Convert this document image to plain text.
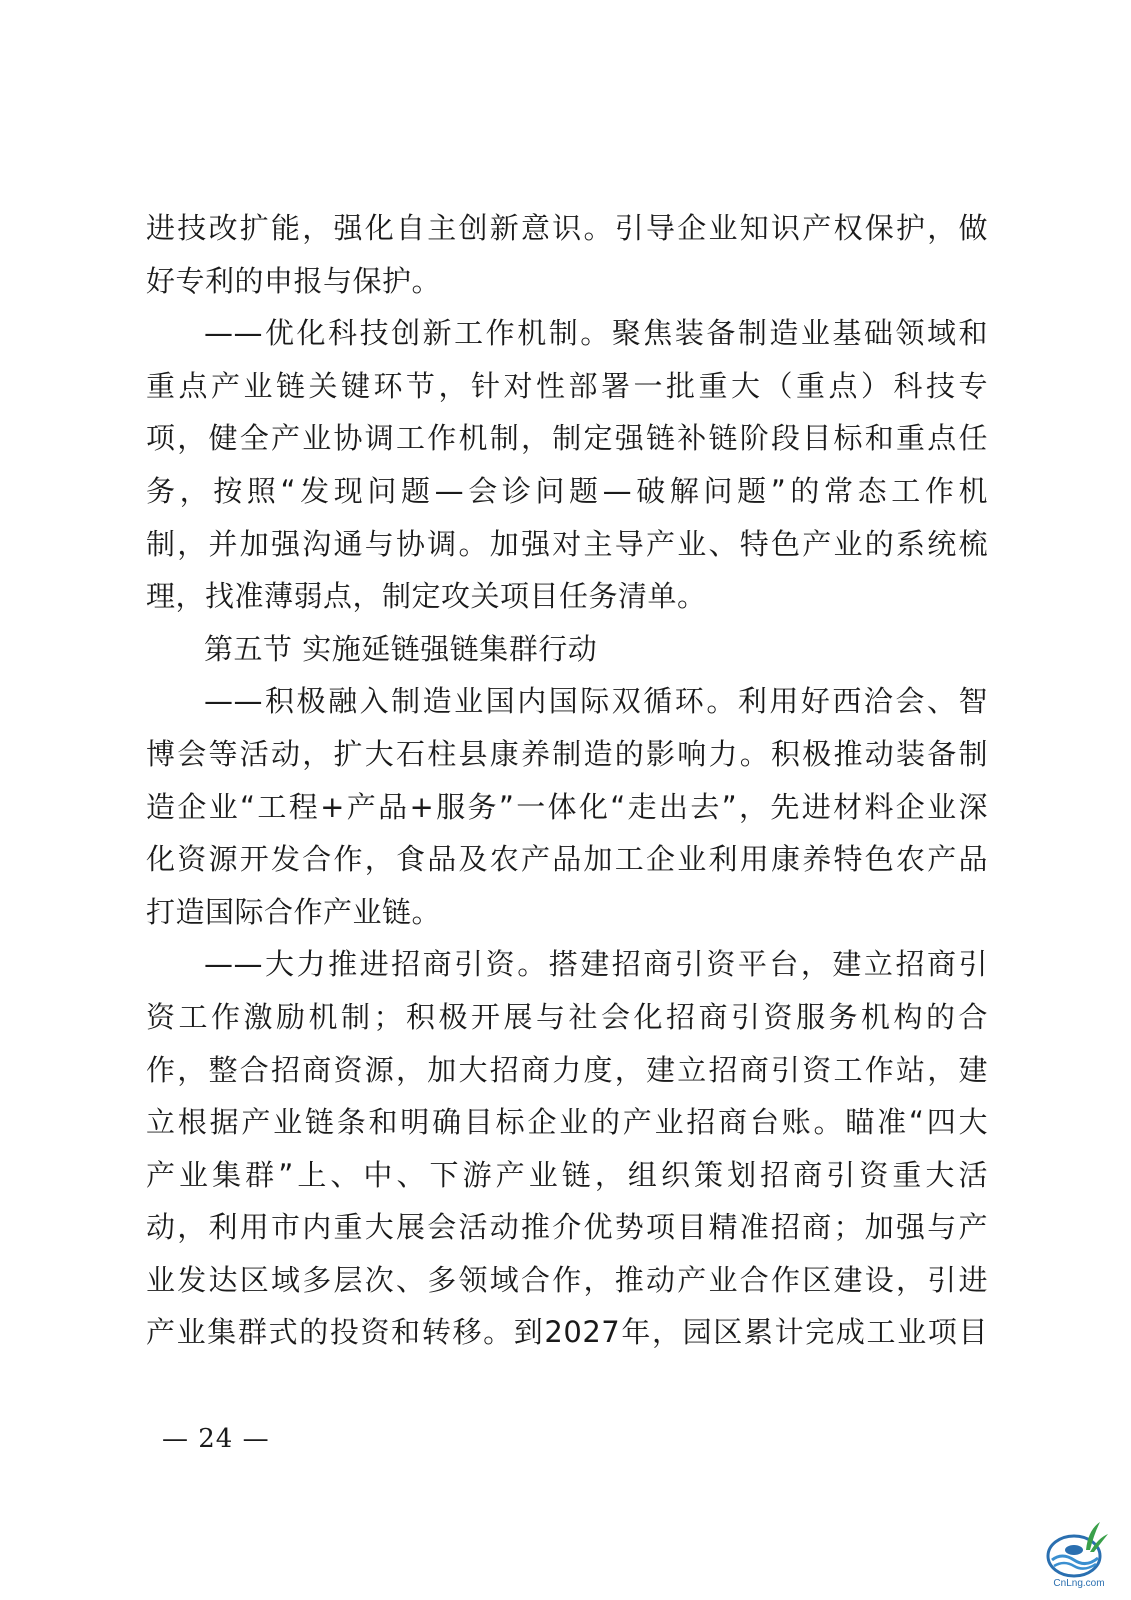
进技改扩能，强化自主创新意识。引导企业知识产权保护，做
好专利的申报与保护。
——优化科技创新工作机制。聚焦装备制造业基础领域和
重点产业链关键环节，针对性部署一批重大（重点）科技专
项，健全产业协调工作机制，制定强链补链阶段目标和重点任
务，按照“发现问题—会诊问题—破解问题”的常态工作机
制，并加强沟通与协调。加强对主导产业、特色产业的系统梳
理，找准薄弱点，制定攻关项目任务清单。
第五节 实施延链强链集群行动
——积极融入制造业国内国际双循环。利用好西洽会、智
博会等活动，扩大石柱县康养制造的影响力。积极推动装备制
造企业“工程+产品+服务”一体化“走出去”，先进材料企业深
化资源开发合作，食品及农产品加工企业利用康养特色农产品
打造国际合作产业链。
——大力推进招商引资。搭建招商引资平台，建立招商引
资工作激励机制；积极开展与社会化招商引资服务机构的合
作，整合招商资源，加大招商力度，建立招商引资工作站，建
立根据产业链条和明确目标企业的产业招商台账。瞄准“四大
产业集群”上、中、下游产业链，组织策划招商引资重大活
动，利用市内重大展会活动推介优势项目精准招商；加强与产
业发达区域多层次、多领域合作，推动产业合作区建设，引进
产业集群式的投资和转移。到2027年，园区累计完成工业项目
— 24 —
CnLng.com
